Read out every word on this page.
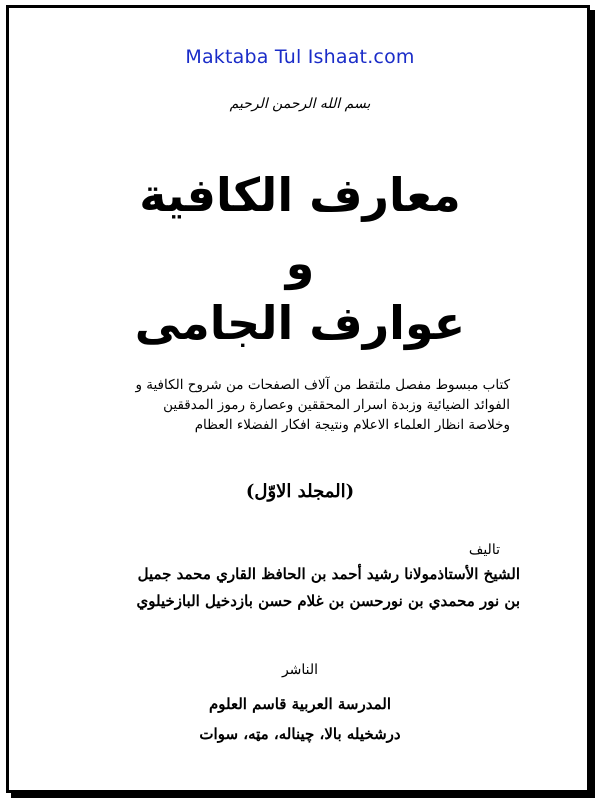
Maktaba Tul Ishaat.com
بسم الله الرحمن الرحيم
معارف الكافية
و
عوارف الجامى
كتاب مبسوط مفصل ملتقط من آلاف الصفحات من شروح الكافية و
الفوائد الضيائية وزبدة اسرار المحققين وعصارة رموز المدققين
وخلاصة انظار العلماء الاعلام ونتيجة افكار الفضلاء العظام
(المجلد الاوّل)
تاليف
الشيخ الأستاذمولانا رشيد أحمد بن الحافظ القاري محمد جميل
بن نور محمدي بن نورحسن بن غلام حسن بازدخيل البازخيلوي
الناشر
المدرسة العربية قاسم العلوم
درشخيله بالا، چيناله، مټه، سوات
